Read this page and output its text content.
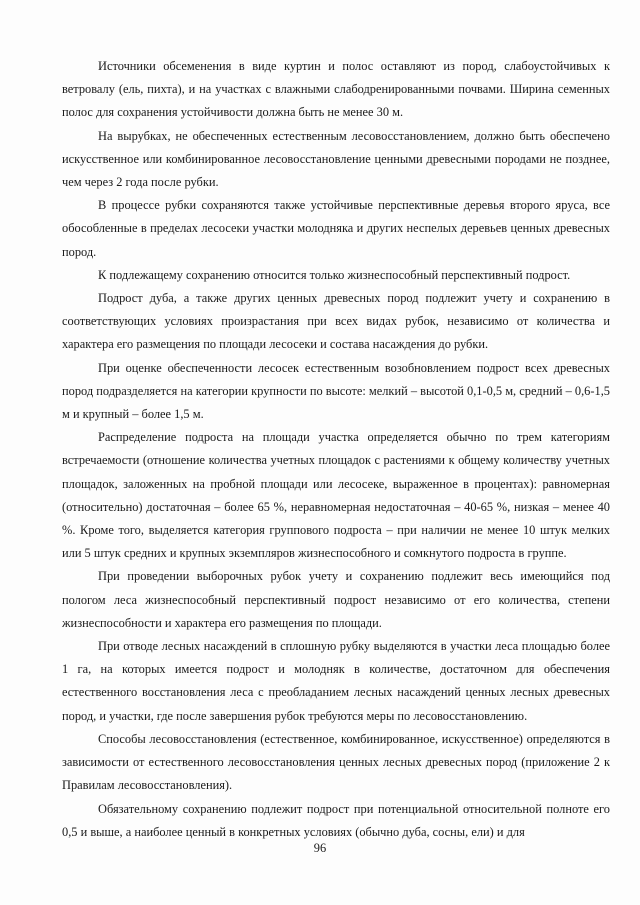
Источники обсеменения в виде куртин и полос оставляют из пород, слабоустойчивых к ветровалу (ель, пихта), и на участках с влажными слабодренированными почвами. Ширина семенных полос для сохранения устойчивости должна быть не менее 30 м.

На вырубках, не обеспеченных естественным лесовосстановлением, должно быть обеспечено искусственное или комбинированное лесовосстановление ценными древесными породами не позднее, чем через 2 года после рубки.

В процессе рубки сохраняются также устойчивые перспективные деревья второго яруса, все обособленные в пределах лесосеки участки молодняка и других неспелых деревьев ценных древесных пород.

К подлежащему сохранению относится только жизнеспособный перспективный подрост.

Подрост дуба, а также других ценных древесных пород подлежит учету и сохранению в соответствующих условиях произрастания при всех видах рубок, независимо от количества и характера его размещения по площади лесосеки и состава насаждения до рубки.

При оценке обеспеченности лесосек естественным возобновлением подрост всех древесных пород подразделяется на категории крупности по высоте: мелкий – высотой 0,1-0,5 м, средний – 0,6-1,5 м и крупный – более 1,5 м.

Распределение подроста на площади участка определяется обычно по трем категориям встречаемости (отношение количества учетных площадок с растениями к общему количеству учетных площадок, заложенных на пробной площади или лесосеке, выраженное в процентах): равномерная (относительно) достаточная – более 65 %, неравномерная недостаточная – 40-65 %, низкая – менее 40 %. Кроме того, выделяется категория группового подроста – при наличии не менее 10 штук мелких или 5 штук средних и крупных экземпляров жизнеспособного и сомкнутого подроста в группе.

При проведении выборочных рубок учету и сохранению подлежит весь имеющийся под пологом леса жизнеспособный перспективный подрост независимо от его количества, степени жизнеспособности и характера его размещения по площади.

При отводе лесных насаждений в сплошную рубку выделяются в участки леса площадью более 1 га, на которых имеется подрост и молодняк в количестве, достаточном для обеспечения естественного восстановления леса с преобладанием лесных насаждений ценных лесных древесных пород, и участки, где после завершения рубок требуются меры по лесовосстановлению.

Способы лесовосстановления (естественное, комбинированное, искусственное) определяются в зависимости от естественного лесовосстановления ценных лесных древесных пород (приложение 2 к Правилам лесовосстановления).

Обязательному сохранению подлежит подрост при потенциальной относительной полноте его 0,5 и выше, а наиболее ценный в конкретных условиях (обычно дуба, сосны, ели) и для

96
